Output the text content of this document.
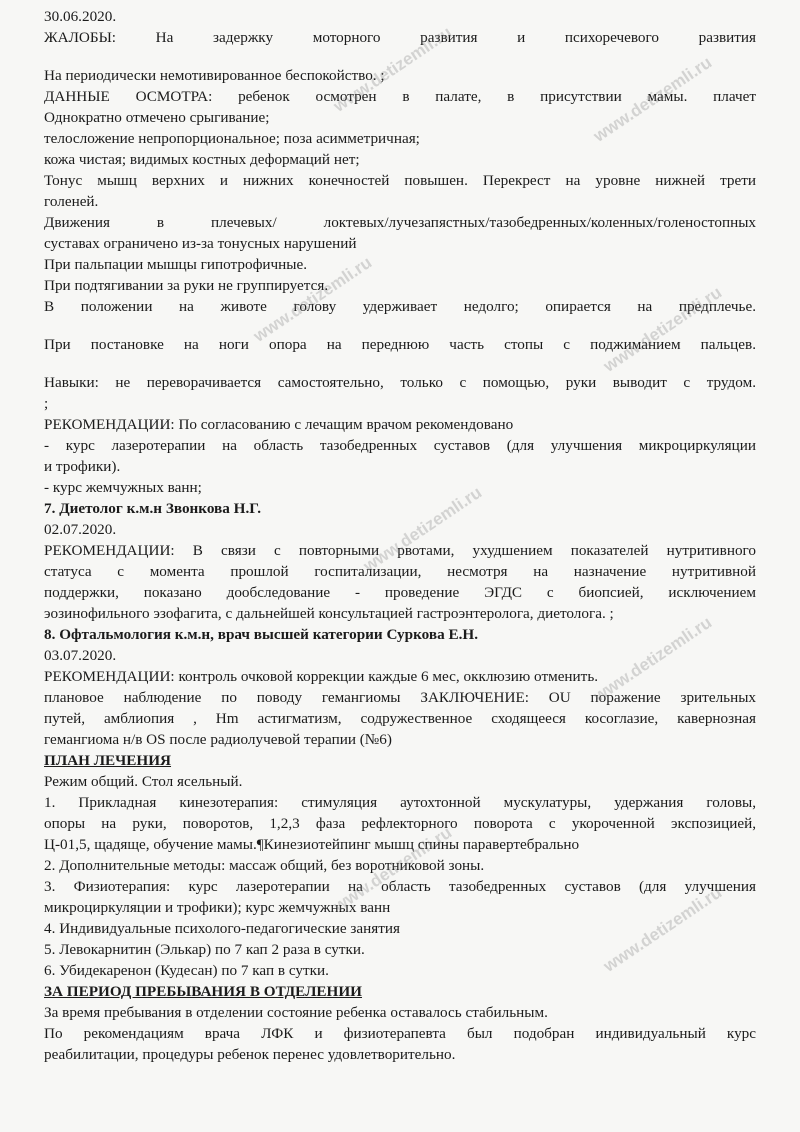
30.06.2020.
ЖАЛОБЫ: На задержку моторного развития и психоречевого развития
На периодически немотивированное беспокойство. ;
ДАННЫЕ ОСМОТРА: ребенок осмотрен в палате, в присутствии мамы. плачет
Однократно отмечено срыгивание;
телосложение непропорциональное; поза асимметричная;
кожа чистая; видимых костных деформаций нет;
Тонус мышц верхних и нижних конечностей повышен. Перекрест на уровне нижней трети
голеней.
Движения в плечевых/ локтевых/лучезапястных/тазобедренных/коленных/голеностопных
суставах ограничено из-за тонусных нарушений
При пальпации мышцы гипотрофичные.
При подтягивании за руки не группируется.
В положении на животе голову удерживает недолго; опирается на предплечье.
При постановке на ноги опора на переднюю часть стопы с поджиманием пальцев.
Навыки: не переворачивается самостоятельно, только с помощью, руки выводит с трудом.
;
РЕКОМЕНДАЦИИ: По согласованию с лечащим врачом рекомендовано
- курс лазеротерапии на область тазобедренных суставов (для улучшения микроциркуляции
и трофики).
- курс жемчужных ванн;
7. Диетолог к.м.н Звонкова Н.Г.
02.07.2020.
РЕКОМЕНДАЦИИ: В связи с повторными рвотами, ухудшением показателей нутритивного
статуса с момента прошлой госпитализации, несмотря на назначение нутритивной
поддержки, показано дообследование - проведение ЭГДС с биопсией, исключением
эозинофильного эзофагита, с дальнейшей консультацией гастроэнтеролога, диетолога. ;
8. Офтальмология к.м.н, врач высшей категории Суркова Е.Н.
03.07.2020.
РЕКОМЕНДАЦИИ: контроль очковой коррекции каждые 6 мес, окклюзию отменить.
плановое наблюдение по поводу гемангиомы ЗАКЛЮЧЕНИЕ: OU поражение зрительных
путей, амблиопия , Hm астигматизм, содружественное сходящееся косоглазие, кавернозная
гемангиома н/в OS после радиолучевой терапии (№6)
ПЛАН ЛЕЧЕНИЯ
Режим общий. Стол ясельный.
1. Прикладная кинезотерапия: стимуляция аутохтонной мускулатуры, удержания головы,
опоры на руки, поворотов, 1,2,3 фаза рефлекторного поворота с укороченной экспозицией,
Ц-01,5, щадяще, обучение мамы.¶Кинезиотейпинг мышц спины паравертебрально
2. Дополнительные методы: массаж общий, без воротниковой зоны.
3. Физиотерапия: курс лазеротерапии на область тазобедренных суставов (для улучшения
микроциркуляции и трофики); курс жемчужных ванн
4. Индивидуальные психолого-педагогические занятия
5. Левокарнитин (Элькар) по 7 кап 2 раза в сутки.
6. Убидекаренон (Кудесан) по 7 кап в сутки.
ЗА ПЕРИОД ПРЕБЫВАНИЯ В ОТДЕЛЕНИИ
За время пребывания в отделении состояние ребенка оставалось стабильным.
По рекомендациям врача ЛФК и физиотерапевта был подобран индивидуальный курс
реабилитации, процедуры ребенок перенес удовлетворительно.
www.detizemli.ru	www.detizemli.ru
www.detizemli.ru	www.detizemli.ru
www.detizemli.ru
www.detizemli.ru
www.detizemli.ru
www.detizemli.ru
